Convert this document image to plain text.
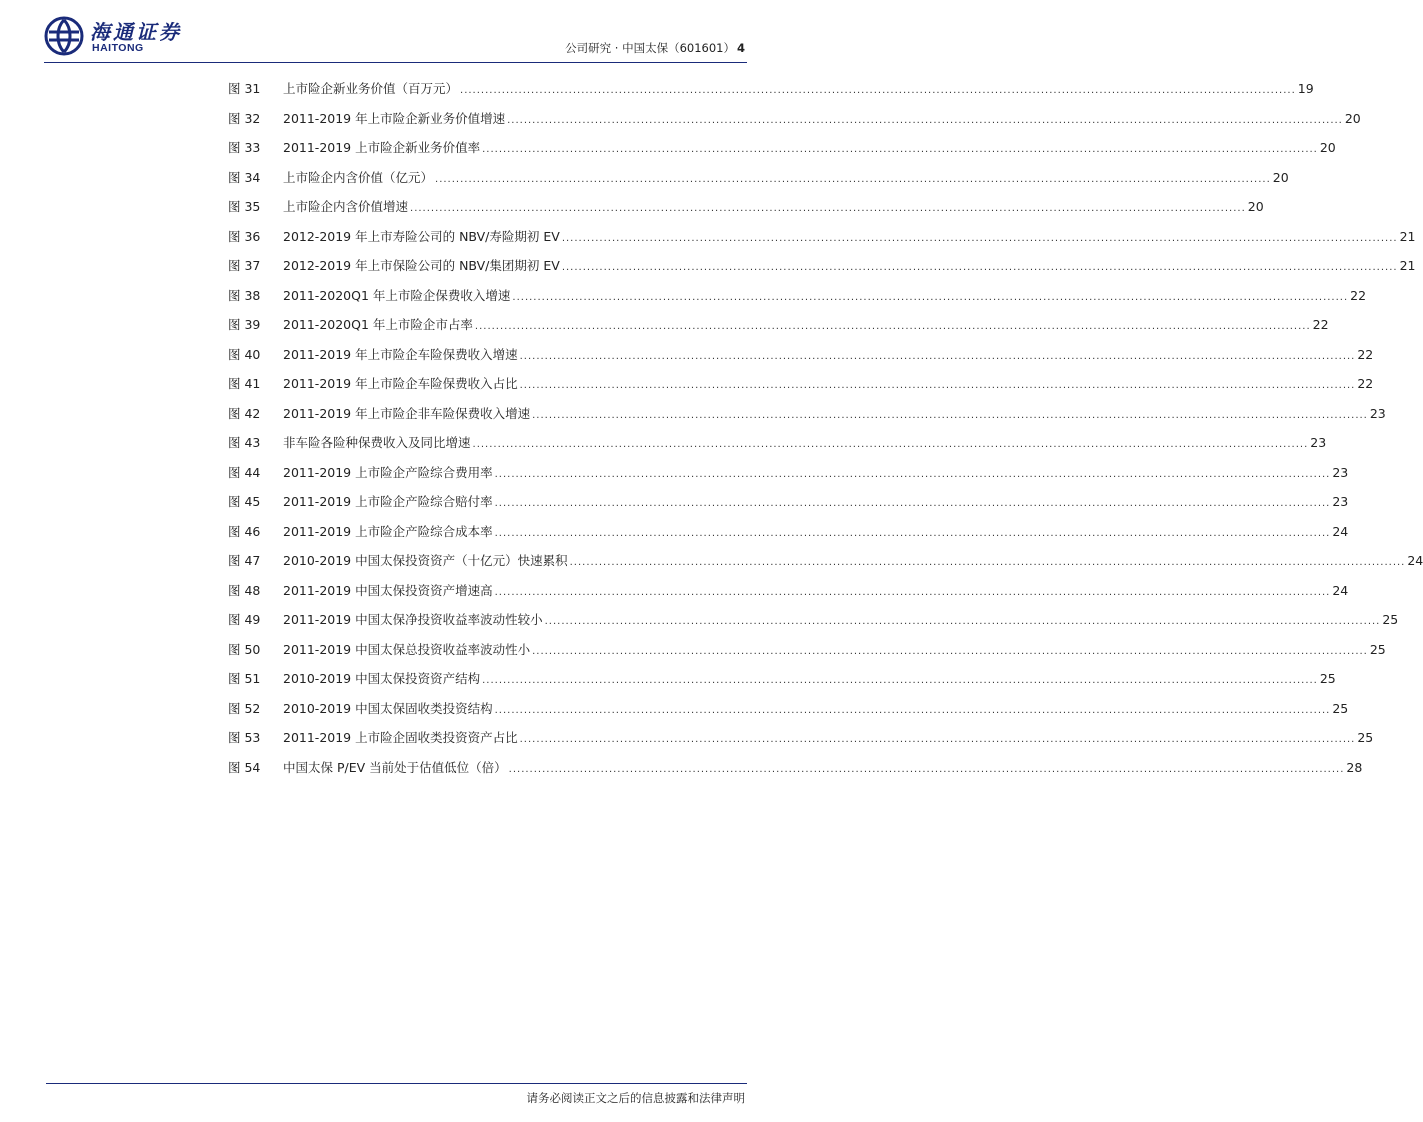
海通证券
HAITONG	公司研究 · 中国太保（601601） 4
图 31	上市险企新业务价值（百万元） ........................................................................................................................................................................................................ 19
图 32	2011-2019 年上市险企新业务价值增速 ........................................................................................................................................................................................................ 20
图 33	2011-2019 上市险企新业务价值率 ........................................................................................................................................................................................................ 20
图 34	上市险企内含价值（亿元） ........................................................................................................................................................................................................ 20
图 35	上市险企内含价值增速 ........................................................................................................................................................................................................ 20
图 36	2012-2019 年上市寿险公司的 NBV/寿险期初 EV ........................................................................................................................................................................................................ 21
图 37	2012-2019 年上市保险公司的 NBV/集团期初 EV ........................................................................................................................................................................................................ 21
图 38	2011-2020Q1 年上市险企保费收入增速 ........................................................................................................................................................................................................ 22
图 39	2011-2020Q1 年上市险企市占率 ........................................................................................................................................................................................................ 22
图 40	2011-2019 年上市险企车险保费收入增速 ........................................................................................................................................................................................................ 22
图 41	2011-2019 年上市险企车险保费收入占比 ........................................................................................................................................................................................................ 22
图 42	2011-2019 年上市险企非车险保费收入增速 ........................................................................................................................................................................................................ 23
图 43	非车险各险种保费收入及同比增速 ........................................................................................................................................................................................................ 23
图 44	2011-2019 上市险企产险综合费用率 ........................................................................................................................................................................................................ 23
图 45	2011-2019 上市险企产险综合赔付率 ........................................................................................................................................................................................................ 23
图 46	2011-2019 上市险企产险综合成本率 ........................................................................................................................................................................................................ 24
图 47	2010-2019 中国太保投资资产（十亿元）快速累积 ........................................................................................................................................................................................................ 24
图 48	2011-2019 中国太保投资资产增速高 ........................................................................................................................................................................................................ 24
图 49	2011-2019 中国太保净投资收益率波动性较小 ........................................................................................................................................................................................................ 25
图 50	2011-2019 中国太保总投资收益率波动性小 ........................................................................................................................................................................................................ 25
图 51	2010-2019 中国太保投资资产结构 ........................................................................................................................................................................................................ 25
图 52	2010-2019 中国太保固收类投资结构 ........................................................................................................................................................................................................ 25
图 53	2011-2019 上市险企固收类投资资产占比 ........................................................................................................................................................................................................ 25
图 54	中国太保 P/EV 当前处于估值低位（倍） ........................................................................................................................................................................................................ 28
请务必阅读正文之后的信息披露和法律声明
